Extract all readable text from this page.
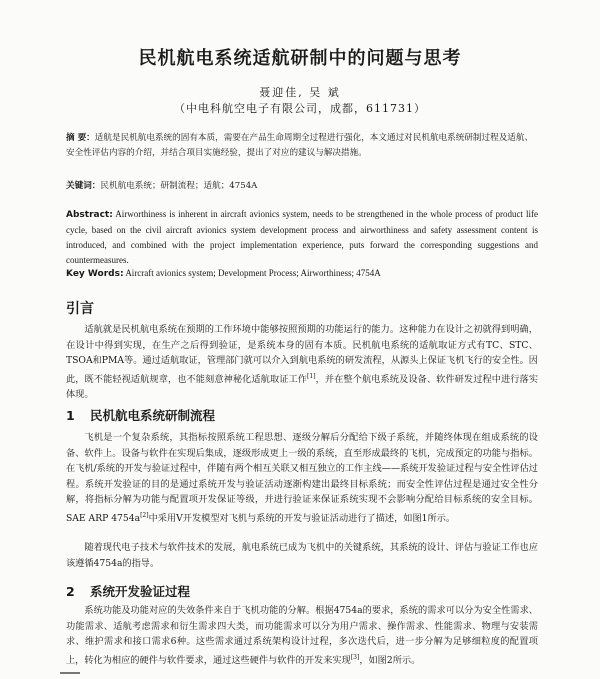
民机航电系统适航研制中的问题与思考
聂迎佳, 吴 斌
（中电科航空电子有限公司，成都，611731）
摘 要：适航是民机航电系统的固有本质，需要在产品生命周期全过程进行强化，本文通过对民机航电系统研制过程及适航、安全性评估内容的介绍，并结合项目实施经验，提出了对应的建议与解决措施。
关键词：民机航电系统；研制流程；适航；4754A
Abstract: Airworthiness is inherent in aircraft avionics system, needs to be strengthened in the whole process of product life cycle, based on the civil aircraft avionics system development process and airworthiness and safety assessment content is introduced, and combined with the project implementation experience, puts forward the corresponding suggestions and countermeasures.
Key Words: Aircraft avionics system; Development Process; Airworthiness; 4754A
引言
适航就是民机航电系统在预期的工作环境中能够按照预期的功能运行的能力。这种能力在设计之初就得到明确，在设计中得到实现，在生产之后得到验证，是系统本身的固有本质。民机航电系统的适航取证方式有TC、STC、TSOA和PMA等。通过适航取证，管理部门就可以介入到航电系统的研发流程，从源头上保证飞机飞行的安全性。因此，既不能轻视适航规章，也不能刻意神秘化适航取证工作[1]，并在整个航电系统及设备、软件研发过程中进行落实体现。
1 民机航电系统研制流程
飞机是一个复杂系统，其指标按照系统工程思想、逐级分解后分配给下级子系统，并随终体现在组成系统的设备、软件上。设备与软件在实现后集成，逐级形成更上一级的系统，直至形成最终的飞机，完成预定的功能与指标。在飞机/系统的开发与验证过程中，伴随有两个相互关联又相互独立的工作主线——系统开发验证过程与安全性评估过程。系统开发验证的目的是通过系统开发与验证活动逐渐构建出最终目标系统；而安全性评估过程是通过安全性分解，将指标分解为功能与配置项开发保证等级，并进行验证来保证系统实现不会影响分配给目标系统的安全目标。SAE ARP 4754a[2]中采用V开发模型对飞机与系统的开发与验证活动进行了描述，如图1所示。
随着现代电子技术与软件技术的发展，航电系统已成为飞机中的关键系统，其系统的设计、评估与验证工作也应该遵循4754a的指导。
2 系统开发验证过程
系统功能及功能对应的失效条件来自于飞机功能的分解。根据4754a的要求，系统的需求可以分为安全性需求、功能需求、适航考虑需求和衍生需求四大类，而功能需求可以分为用户需求、操作需求、性能需求、物理与安装需求、维护需求和接口需求6种。这些需求通过系统架构设计过程，多次迭代后，进一步分解为足够细粒度的配置项上，转化为相应的硬件与软件要求，通过这些硬件与软件的开发来实现[3]，如图2所示。
